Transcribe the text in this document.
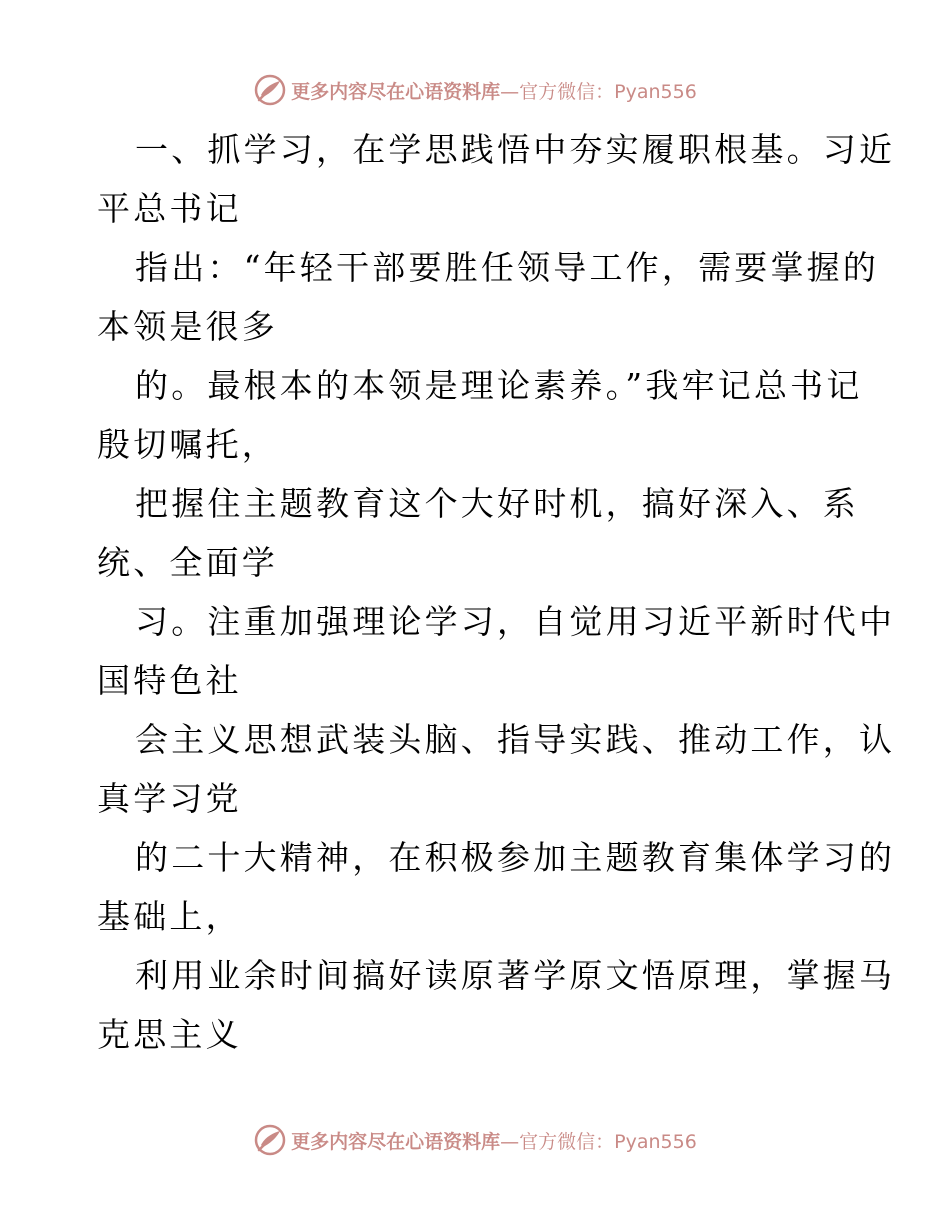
更多内容尽在心语资料库—官方微信：Pyan556
一、抓学习，在学思践悟中夯实履职根基。习近
平总书记
指出：“年轻干部要胜任领导工作，需要掌握的
本领是很多
的。最根本的本领是理论素养。”我牢记总书记
殷切嘱托，
把握住主题教育这个大好时机，搞好深入、系
统、全面学
习。注重加强理论学习，自觉用习近平新时代中
国特色社
会主义思想武装头脑、指导实践、推动工作，认
真学习党
的二十大精神，在积极参加主题教育集体学习的
基础上，
利用业余时间搞好读原著学原文悟原理，掌握马
克思主义
更多内容尽在心语资料库—官方微信：Pyan556
